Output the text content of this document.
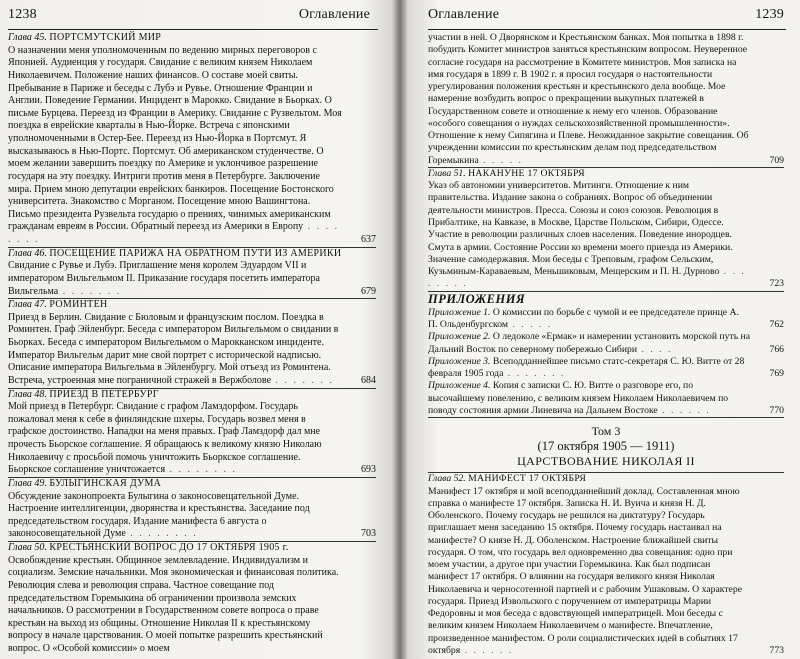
1238	Оглавление

Глава 45. ПОРТСМУТСКИЙ МИР
О назначении меня уполномоченным по ведению мирных переговоров с Японией. Аудиенция у государя. Свидание с великим князем Николаем Николаевичем. Положение наших финансов. О составе моей свиты. Пребывание в Париже и беседы с Лубэ и Рувье. Отношение Франции и Англии. Поведение Германии. Инцидент в Марокко. Свидание в Бьорках. О письме Бурцева. Переезд из Франции в Америку. Свидание с Рузвельтом. Моя поездка в еврейские кварталы в Нью-Йорке. Встреча с японскими уполномоченными в Остер-Бее. Переезд из Нью-Йорка в Портсмут. Я высказываюсь в Нью-Портс. Портсмут. Об американском студенчестве. О моем желании завершить поездку по Америке и уклончивое разрешение государя на эту поездку. Интриги против меня в Петербурге. Заключение мира. Прием мною депутации еврейских банкиров. Посещение Бостонского университета. Знакомство с Морганом. Посещение мною Вашингтона. Письмо президента Рузвельта государю о прениях, чинимых американским гражданам евреям в России. Обратный переезд из Америки в Европу . . . . . . . .	637

Глава 46. ПОСЕЩЕНИЕ ПАРИЖА НА ОБРАТНОМ ПУТИ ИЗ АМЕРИКИ
Свидание с Рувье и Лубэ. Приглашение меня королем Эдуардом VII и императором Вильгельмом II. Приказание государя посетить императора Вильгельма . . . . . . .	679

Глава 47. РОМИНТЕН
Приезд в Берлин. Свидание с Бюловым и французским послом. Поездка в Роминтен. Граф Эйленбург. Беседа с императором Вильгельмом о свидании в Бьорках. Беседа с императором Вильгельмом о Марокканском инциденте. Император Вильгельм дарит мне свой портрет с исторической надписью. Описание императора Вильгельма в Эйленбургу. Мой отъезд из Роминтена. Встреча, устроенная мне пограничной стражей в Вержболове . . . . . . .	684

Глава 48. ПРИЕЗД В ПЕТЕРБУРГ
Мой приезд в Петербург. Свидание с графом Ламздорфом. Государь пожаловал меня к себе в финляндские шхеры. Государь возвел меня в графское достоинство. Нападки на меня правых. Граф Ламздорф дал мне прочесть Бьорское соглашение. Я обращаюсь к великому князю Николаю Николаевичу с просьбой помочь уничтожить Бьоркское соглашение. Бьоркское соглашение уничтожается . . . . . . . .	693

Глава 49. БУЛЫГИНСКАЯ ДУМА
Обсуждение законопроекта Булыгина о законосовещательной Думе. Настроение интеллигенции, дворянства и крестьянства. Заседание под председательством государя. Издание манифеста 6 августа о законосовещательной Думе . . . . . . . .	703

Глава 50. КРЕСТЬЯНСКИЙ ВОПРОС ДО 17 ОКТЯБРЯ 1905 г.
Освобождение крестьян. Общинное землевладение. Индивидуализм и социализм. Земские начальники. Моя экономическая и финансовая политика. Революция слева и революция справа. Частное совещание под председательством Горемыкина об ограничении произвола земских начальников. О рассмотрении в Государственном совете вопроса о праве крестьян на выход из общины. Отношение Николая II к крестьянскому вопросу в начале царствования. О моей попытке разрешить крестьянский вопрос. О «Особой комиссии» о моем

Оглавление	1239

участии в ней. О Дворянском и Крестьянском банках. Моя попытка в 1898 г. побудить Комитет министров заняться крестьянским вопросом. Неуверенное согласие государя на рассмотрение в Комитете министров. Моя записка на имя государя в 1899 г. В 1902 г. я просил государя о настоятельности урегулирования положения крестьян и крестьянского дела вообще. Мое намерение возбудить вопрос о прекращении выкупных платежей в Государственном совете и отношение к нему его членов. Образование «особого совещания о нуждах сельскохозяйственной промышленности». Отношение к нему Сипягина и Плеве. Неожиданное закрытие совещания. Об учреждении комиссии по крестьянским делам под председательством Горемыкина . . . . .	709

Глава 51. НАКАНУНЕ 17 ОКТЯБРЯ
Указ об автономии университетов. Митинги. Отношение к ним правительства. Издание закона о собраниях. Вопрос об объединении деятельности министров. Пресса. Союзы и союз союзов. Революция в Прибалтике, на Кавказе, в Москве, Царстве Польском, Сибири, Одессе. Участие в революции различных слоев населения. Поведение инородцев. Смута в армии. Состояние России ко времени моего приезда из Америки. Значение самодержавия. Мои беседы с Треповым, графом Сельским, Кузьминым-Караваевым, Меньшиковым, Мещерским и П. Н. Дурново . . . . . . . .	723

ПРИЛОЖЕНИЯ

Приложение 1. О комиссии по борьбе с чумой и ее председателе принце А. П. Ольденбургском . . . . .	762

Приложение 2. О ледоколе «Ермак» и намерении установить морской путь на Дальний Восток по северному побережью Сибири . . . .	766

Приложение 3. Всеподданнейшее письмо статс-секретаря С. Ю. Витте от 28 февраля 1905 года . . . . . . .	769

Приложение 4. Копия с записки С. Ю. Витте о разговоре его, по высочайшему повелению, с великим князем Николаем Николаевичем по поводу состояния армии Линевича на Дальнем Востоке . . . . . .	770

Том 3
(17 октября 1905 — 1911)
ЦАРСТВОВАНИЕ НИКОЛАЯ II

Глава 52. МАНИФЕСТ 17 ОКТЯБРЯ
Манифест 17 октября и мой всеподданнейший доклад. Составленная мною справка о манифесте 17 октября. Записка Н. И. Вуича и князя Н. Д. Оболенского. Почему государь не решился на диктатуру? Государь приглашает меня заседанию 15 октября. Почему государь настаивал на манифесте? О князе Н. Д. Оболенском. Настроение ближайшей свиты государя. О том, что государь вел одновременно два совещания: одно при моем участии, а другое при участии Горемыкина. Как был подписан манифест 17 октября. О влиянии на государя великого князя Николая Николаевича и черносотенной партией и с рабочим Ушаковым. О характере государя. Приезд Извольского с поручением от императрицы Марии Федоровны и моя беседа с вдовствующей императрицей. Мои беседы с великим князем Николаем Николаевичем о манифесте. Впечатление, произведенное манифестом. О роли социалистических идей в событиях 17 октября . . . . . .	773
